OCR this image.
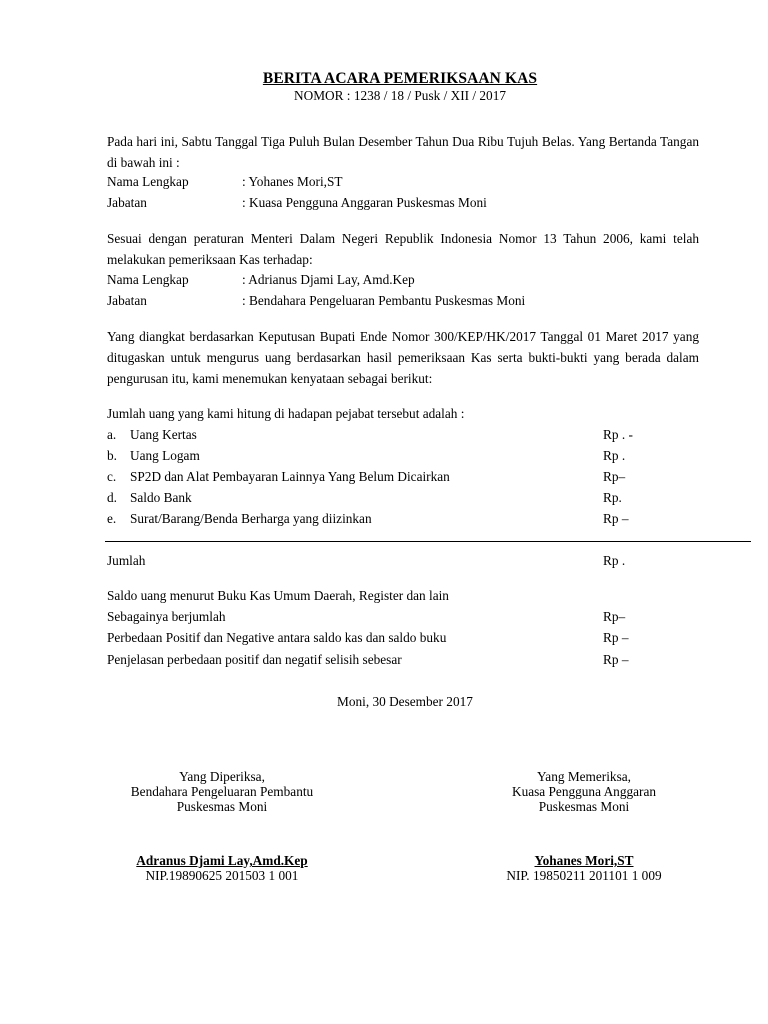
BERITA ACARA PEMERIKSAAN KAS
NOMOR : 1238 / 18 / Pusk / XII / 2017
Pada hari ini, Sabtu Tanggal Tiga Puluh Bulan Desember Tahun Dua Ribu Tujuh Belas. Yang Bertanda Tangan di bawah ini :
Nama Lengkap	: Yohanes Mori,ST
Jabatan	: Kuasa Pengguna Anggaran Puskesmas Moni
Sesuai dengan peraturan Menteri Dalam Negeri Republik Indonesia Nomor 13 Tahun 2006, kami telah melakukan pemeriksaan Kas terhadap:
Nama Lengkap	: Adrianus Djami Lay, Amd.Kep
Jabatan	: Bendahara Pengeluaran Pembantu Puskesmas Moni
Yang diangkat berdasarkan Keputusan Bupati Ende Nomor 300/KEP/HK/2017 Tanggal 01 Maret 2017 yang ditugaskan untuk mengurus uang berdasarkan hasil pemeriksaan Kas serta bukti-bukti yang berada dalam pengurusan itu, kami menemukan kenyataan sebagai berikut:
Jumlah uang yang kami hitung di hadapan pejabat tersebut adalah :
a. Uang Kertas	Rp . -
b. Uang Logam	Rp .
c. SP2D dan Alat Pembayaran Lainnya Yang Belum Dicairkan	Rp–
d. Saldo Bank	Rp.
e. Surat/Barang/Benda Berharga yang diizinkan	Rp –
Jumlah	Rp .
Saldo uang menurut Buku Kas Umum Daerah, Register dan lain
Sebagainya berjumlah	Rp–
Perbedaan Positif dan Negative antara saldo kas dan saldo buku	Rp –
Penjelasan perbedaan positif dan negatif selisih sebesar	Rp –
Moni, 30 Desember 2017
Yang Diperiksa,
Bendahara Pengeluaran Pembantu
Puskesmas Moni
Adranus Djami Lay,Amd.Kep
NIP.19890625 201503 1 001
Yang Memeriksa,
Kuasa Pengguna Anggaran
Puskesmas Moni
Yohanes Mori,ST
NIP. 19850211 201101 1 009
